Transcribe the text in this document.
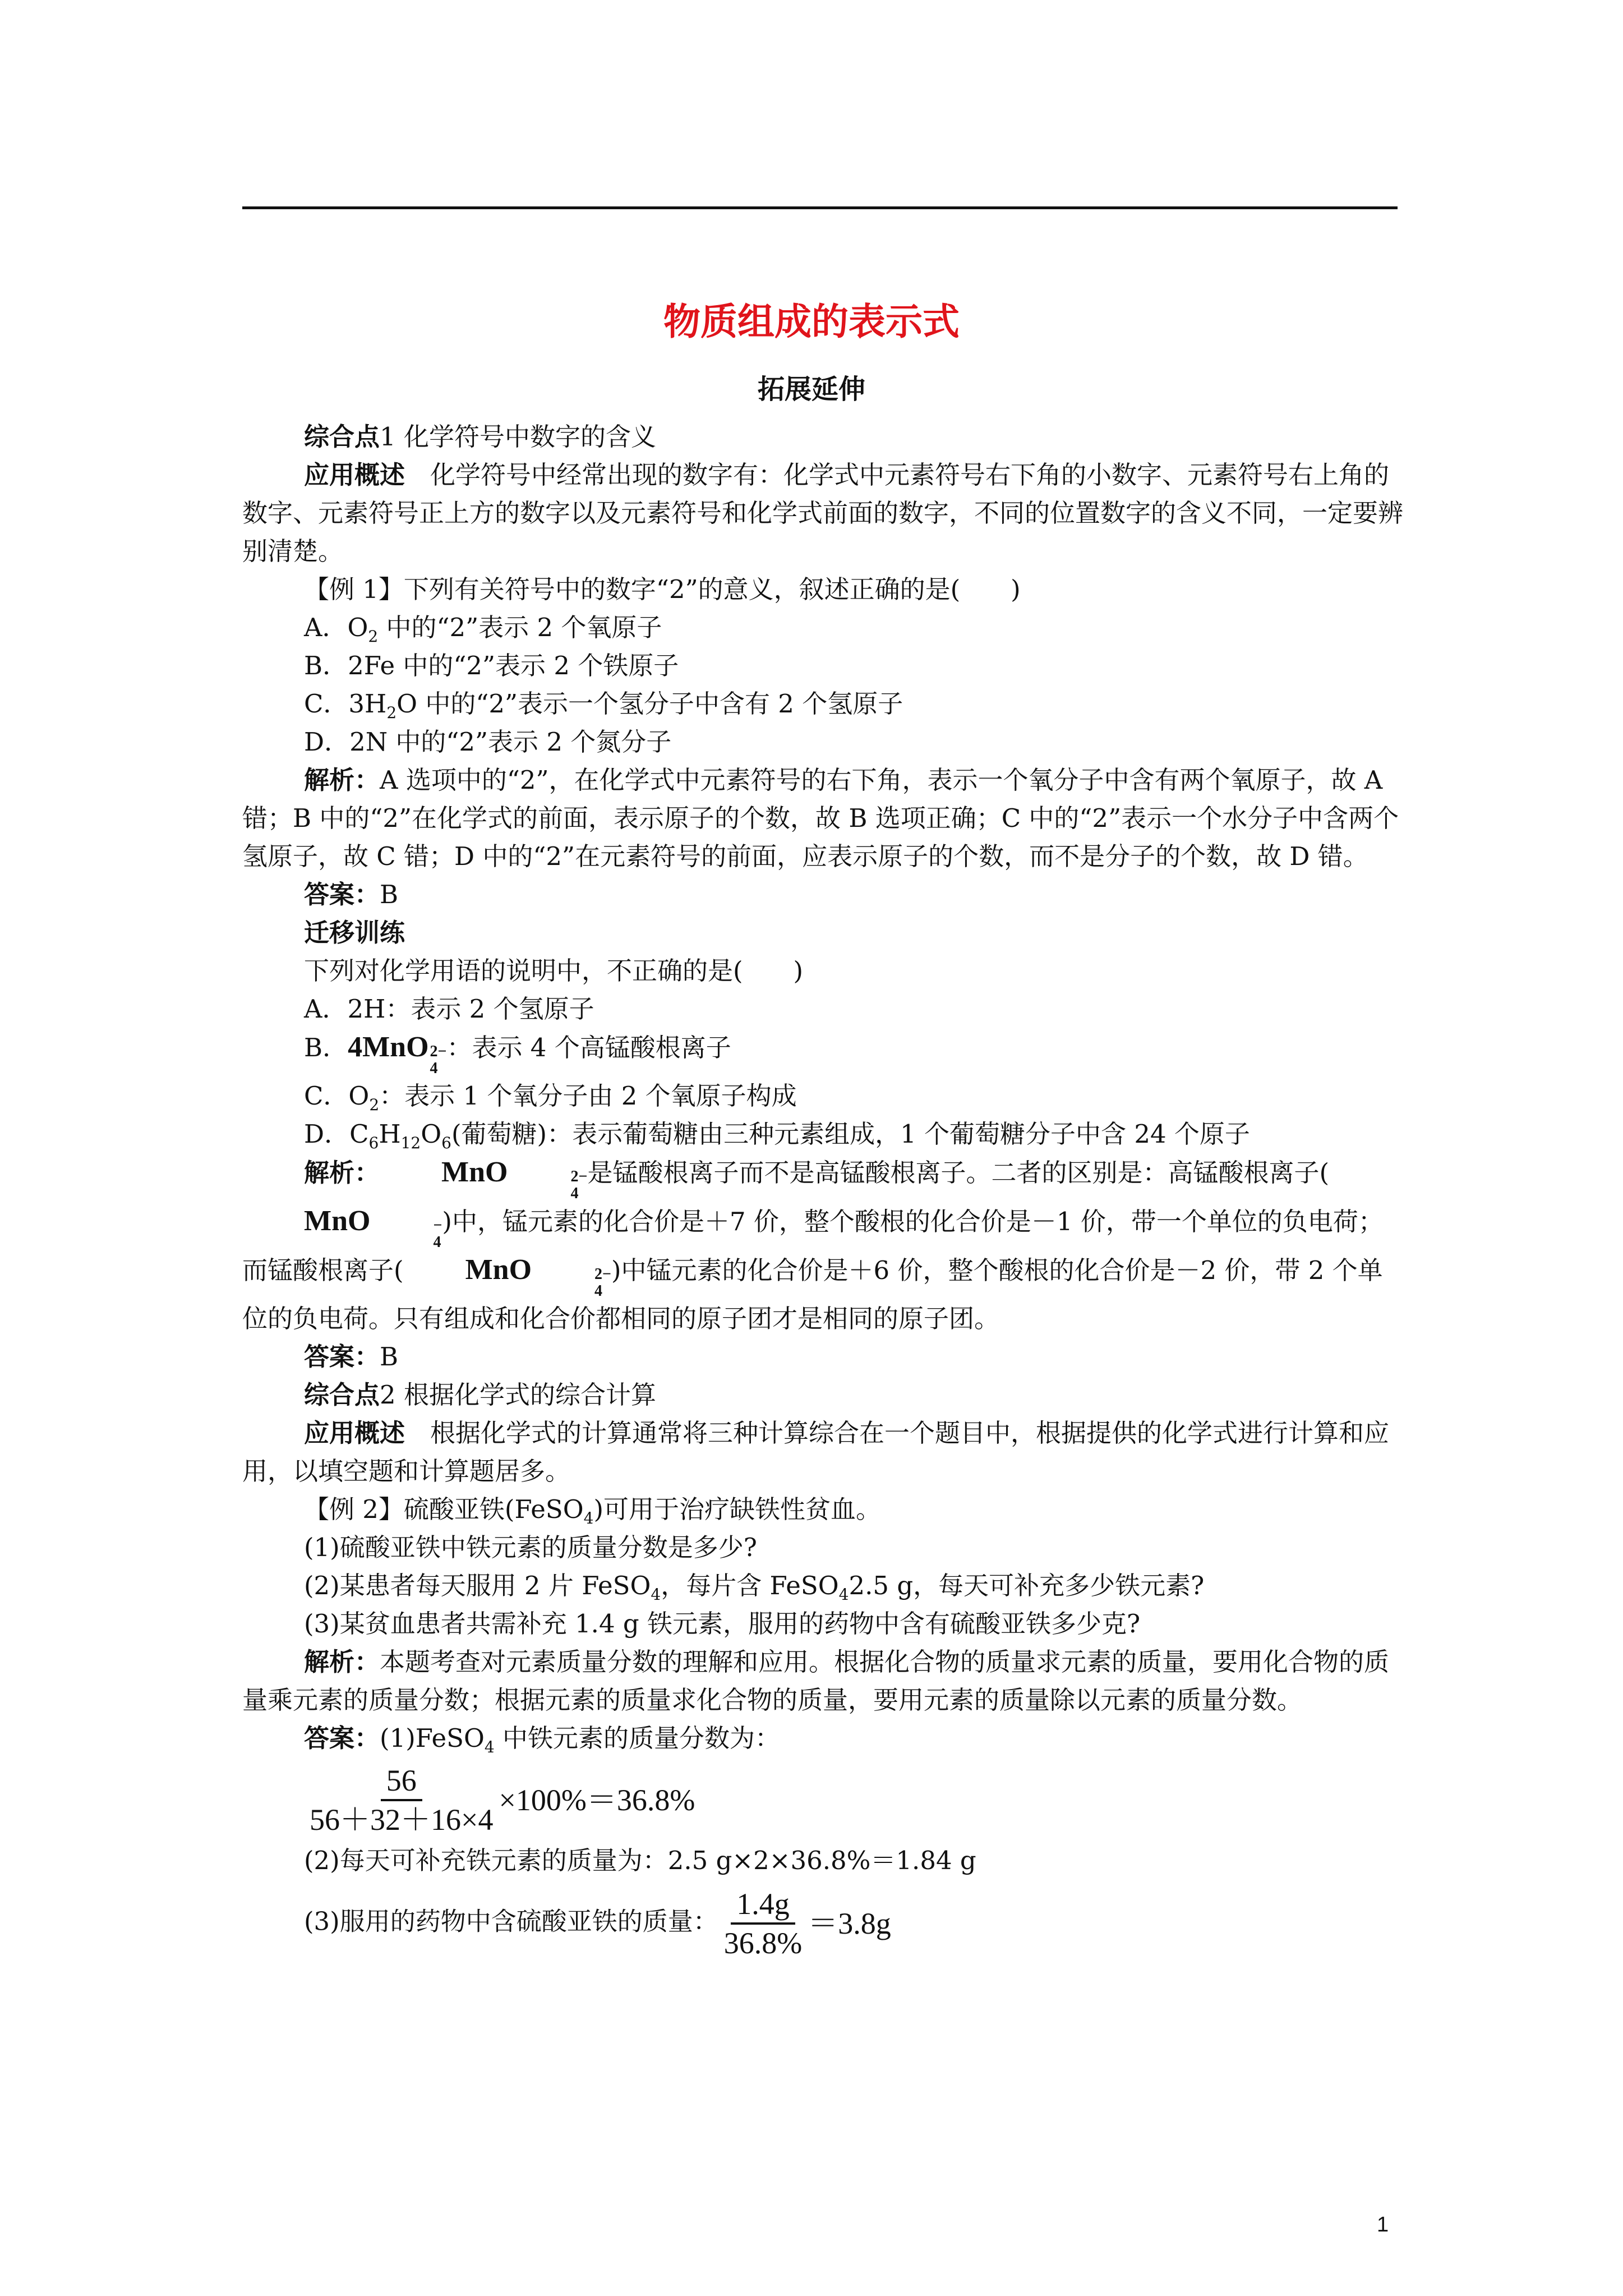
物质组成的表示式
拓展延伸

综合点1 化学符号中数字的含义

应用概述　化学符号中经常出现的数字有：化学式中元素符号右下角的小数字、元素符号右上角的数字、元素符号正上方的数字以及元素符号和化学式前面的数字，不同的位置数字的含义不同，一定要辨别清楚。

【例 1】下列有关符号中的数字“2”的意义，叙述正确的是(　　)

A．$O_2$ 中的“2”表示 2 个氧原子

B．2Fe 中的“2”表示 2 个铁原子

C．$3H_2O$ 中的“2”表示一个氢分子中含有 2 个氢原子

D．2N 中的“2”表示 2 个氮分子

解析：A 选项中的“2”，在化学式中元素符号的右下角，表示一个氧分子中含有两个氧原子，故 A 错；B 中的“2”在化学式的前面，表示原子的个数，故 B 选项正确；C 中的“2”表示一个水分子中含两个氢原子，故 C 错；D 中的“2”在元素符号的前面，应表示原子的个数，而不是分子的个数，故 D 错。

答案：B

迁移训练

下列对化学用语的说明中，不正确的是(　　)

A．2H：表示 2 个氢原子

B． 4MnO 2−
4
：表示 4 个高锰酸根离子

C．$O_2$：表示 1 个氧分子由 2 个氧原子构成

D．$C_6H_{12}O_6$(葡萄糖)：表示葡萄糖由三种元素组成，1 个葡萄糖分子中含 24 个原子

解析：	MnO	2−
4
是锰酸根离子而不是高锰酸根离子。二者的区别是：高锰酸根离子(
MnO	−
4
)中，锰元素的化合价是＋7 价，整个酸根的化合价是－1 价，带一个单位的负电荷；而锰酸根离子(	MnO	2−
4
)中锰元素的化合价是＋6 价，整个酸根的化合价是－2 价，带 2 个单位的负电荷。只有组成和化合价都相同的原子团才是相同的原子团。

答案：B

综合点2 根据化学式的综合计算

应用概述　根据化学式的计算通常将三种计算综合在一个题目中，根据提供的化学式进行计算和应用，以填空题和计算题居多。

【例 2】硫酸亚铁(FeSO$_4$)可用于治疗缺铁性贫血。

(1)硫酸亚铁中铁元素的质量分数是多少?

(2)某患者每天服用 2 片 FeSO$_4$，每片含 FeSO$_4$2.5 g，每天可补充多少铁元素?

(3)某贫血患者共需补充 1.4 g 铁元素，服用的药物中含有硫酸亚铁多少克?

解析：本题考查对元素质量分数的理解和应用。根据化合物的质量求元素的质量，要用化合物的质量乘元素的质量分数；根据元素的质量求化合物的质量，要用元素的质量除以元素的质量分数。

答案：(1)FeSO$_4$ 中铁元素的质量分数为：

$\frac{56}{56+32+16\times 4} \times 100\%=36.8\%$

(2)每天可补充铁元素的质量为：2.5 g×2×36.8%＝1.84 g

(3)服用的药物中含硫酸亚铁的质量： $\frac{1.4g}{36.8\%} =3.8g$

1
